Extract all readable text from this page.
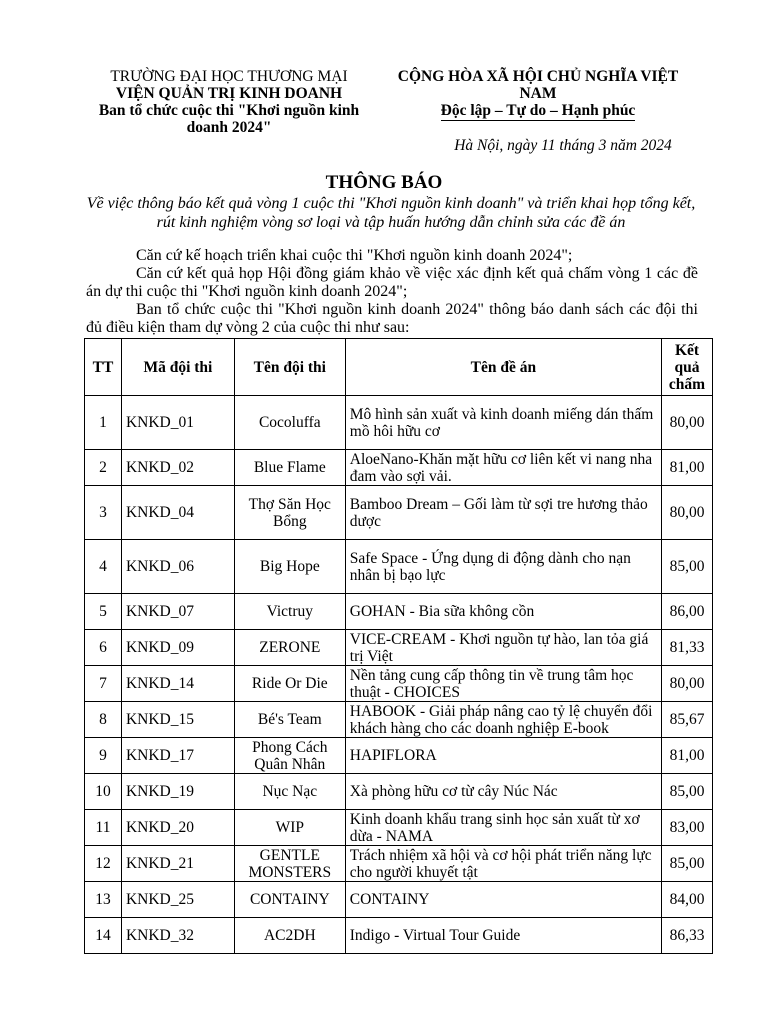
TRƯỜNG ĐẠI HỌC THƯƠNG MẠI
VIỆN QUẢN TRỊ KINH DOANH
Ban tổ chức cuộc thi "Khơi nguồn kinh doanh 2024"
CỘNG HÒA XÃ HỘI CHỦ NGHĨA VIỆT NAM
Độc lập – Tự do – Hạnh phúc
Hà Nội, ngày 11 tháng 3 năm 2024
THÔNG BÁO
Về việc thông báo kết quả vòng 1 cuộc thi "Khơi nguồn kinh doanh" và triển khai họp tổng kết, rút kinh nghiệm vòng sơ loại và tập huấn hướng dẫn chỉnh sửa các đề án

Căn cứ kế hoạch triển khai cuộc thi "Khơi nguồn kinh doanh 2024";

Căn cứ kết quả họp Hội đồng giám khảo về việc xác định kết quả chấm vòng 1 các đề án dự thi cuộc thi "Khơi nguồn kinh doanh 2024";

Ban tổ chức cuộc thi "Khơi nguồn kinh doanh 2024" thông báo danh sách các đội thi đủ điều kiện tham dự vòng 2 của cuộc thi như sau:

TT	Mã đội thi	Tên đội thi	Tên đề án	Kết quả chấm
1	KNKD_01	Cocoluffa	Mô hình sản xuất và kinh doanh miếng dán thấm mồ hôi hữu cơ	80,00
2	KNKD_02	Blue Flame	AloeNano-Khăn mặt hữu cơ liên kết vi nang nha đam vào sợi vải.	81,00
3	KNKD_04	Thợ Săn Học Bổng	Bamboo Dream – Gối làm từ sợi tre hương thảo dược	80,00
4	KNKD_06	Big Hope	Safe Space - Ứng dụng di động dành cho nạn nhân bị bạo lực	85,00
5	KNKD_07	Victruy	GOHAN - Bia sữa không cồn	86,00
6	KNKD_09	ZERONE	VICE-CREAM - Khơi nguồn tự hào, lan tỏa giá trị Việt	81,33
7	KNKD_14	Ride Or Die	Nền tảng cung cấp thông tin về trung tâm học thuật - CHOICES	80,00
8	KNKD_15	Bé's Team	HABOOK - Giải pháp nâng cao tỷ lệ chuyển đổi khách hàng cho các doanh nghiệp E-book	85,67
9	KNKD_17	Phong Cách Quân Nhân	HAPIFLORA	81,00
10	KNKD_19	Nục Nạc	Xà phòng hữu cơ từ cây Núc Nác	85,00
11	KNKD_20	WIP	Kinh doanh khẩu trang sinh học sản xuất từ xơ dừa - NAMA	83,00
12	KNKD_21	GENTLE MONSTERS	Trách nhiệm xã hội và cơ hội phát triển năng lực cho người khuyết tật	85,00
13	KNKD_25	CONTAINY	CONTAINY	84,00
14	KNKD_32	AC2DH	Indigo - Virtual Tour Guide	86,33
